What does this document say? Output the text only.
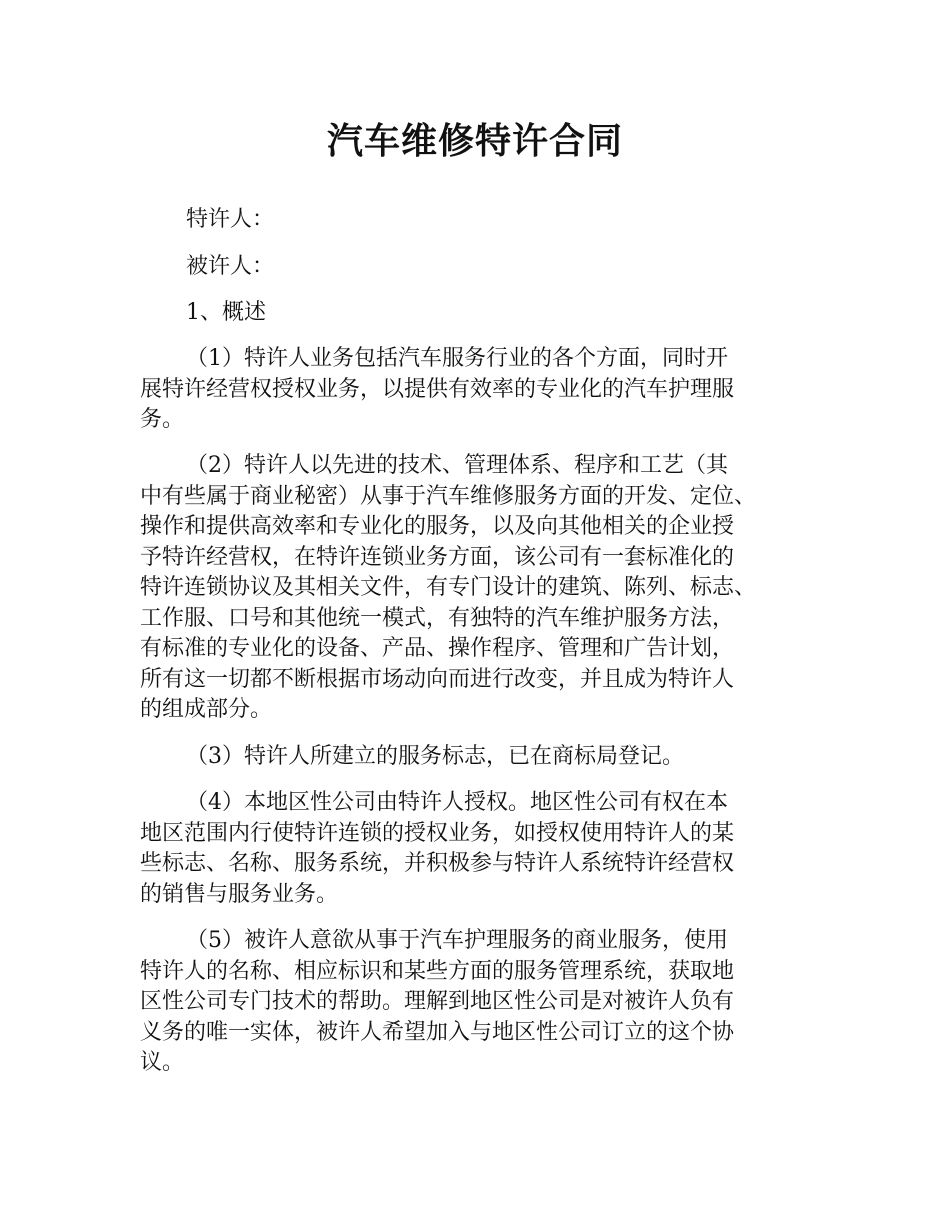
汽车维修特许合同

特许人：

被许人：

1、概述

（1）特许人业务包括汽车服务行业的各个方面，同时开
展特许经营权授权业务，以提供有效率的专业化的汽车护理服
务。
（2）特许人以先进的技术、管理体系、程序和工艺（其
中有些属于商业秘密）从事于汽车维修服务方面的开发、定位、
操作和提供高效率和专业化的服务，以及向其他相关的企业授
予特许经营权，在特许连锁业务方面，该公司有一套标准化的
特许连锁协议及其相关文件，有专门设计的建筑、陈列、标志、
工作服、口号和其他统一模式，有独特的汽车维护服务方法，
有标准的专业化的设备、产品、操作程序、管理和广告计划，
所有这一切都不断根据市场动向而进行改变，并且成为特许人
的组成部分。
（3）特许人所建立的服务标志，已在商标局登记。
（4）本地区性公司由特许人授权。地区性公司有权在本
地区范围内行使特许连锁的授权业务，如授权使用特许人的某
些标志、名称、服务系统，并积极参与特许人系统特许经营权
的销售与服务业务。
（5）被许人意欲从事于汽车护理服务的商业服务，使用
特许人的名称、相应标识和某些方面的服务管理系统，获取地
区性公司专门技术的帮助。理解到地区性公司是对被许人负有
义务的唯一实体，被许人希望加入与地区性公司订立的这个协
议。
